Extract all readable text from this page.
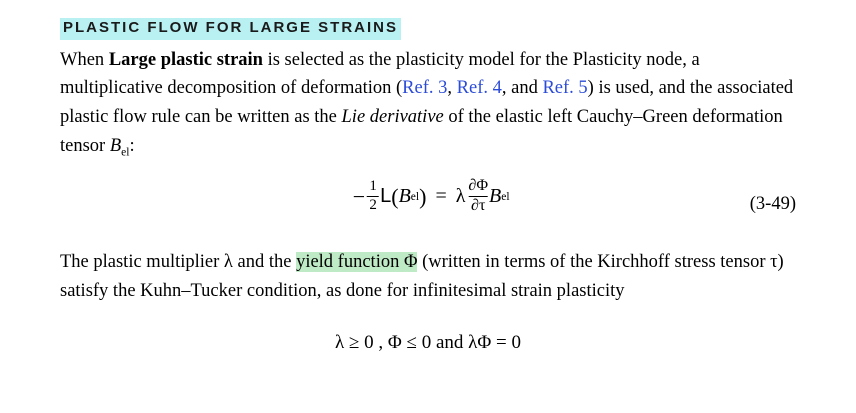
PLASTIC FLOW FOR LARGE STRAINS

When Large plastic strain is selected as the plasticity model for the Plasticity node, a multiplicative decomposition of deformation (Ref. 3, Ref. 4, and Ref. 5) is used, and the associated plastic flow rule can be written as the Lie derivative of the elastic left Cauchy–Green deformation tensor $B_{el}$:

− $\frac{1}{2}$ L ( B el ) = λ $\frac{\partial\Phi}{\partial\tau}$ B el	(3-49)

The plastic multiplier λ and the yield function Φ (written in terms of the Kirchhoff stress tensor τ) satisfy the Kuhn–Tucker condition, as done for infinitesimal strain plasticity

λ ≥ 0 , Φ ≤ 0 and λΦ = 0
